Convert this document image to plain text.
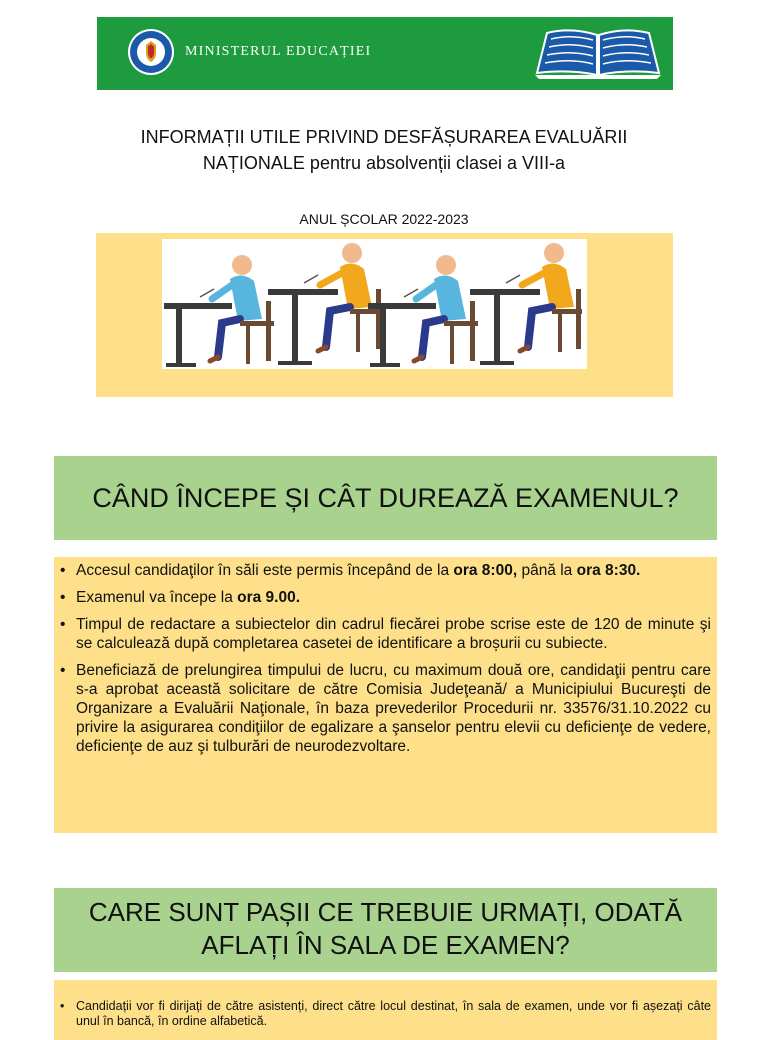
MINISTERUL EDUCAȚIEI
INFORMAȚII UTILE PRIVIND DESFĂȘURAREA EVALUĂRII
NAȚIONALE pentru absolvenții clasei a VIII-a
ANUL ȘCOLAR 2022-2023
CÂND ÎNCEPE ȘI CÂT DUREAZĂ EXAMENUL?
• Accesul candidaţilor în săli este permis începând de la ora 8:00, până la ora 8:30.
• Examenul va începe la ora 9.00.
• Timpul de redactare a subiectelor din cadrul fiecărei probe scrise este de 120 de minute şi se calculează după completarea casetei de identificare a broșurii cu subiecte.
• Beneficiază de prelungirea timpului de lucru, cu maximum două ore, candidaţii pentru care s-a aprobat această solicitare de către Comisia Judeţeană/ a Municipiului Bucureşti de Organizare a Evaluării Naţionale, în baza prevederilor Procedurii nr. 33576/31.10.2022 cu privire la asigurarea condiţiilor de egalizare a şanselor pentru elevii cu deficienţe de vedere, deficienţe de auz şi tulburări de neurodezvoltare.
CARE SUNT PAȘII CE TREBUIE URMAȚI, ODATĂ
AFLAȚI ÎN SALA DE EXAMEN?
• Candidații vor fi dirijați de către asistenți, direct către locul destinat, în sala de examen, unde vor fi așezați câte unul în bancă, în ordine alfabetică.
